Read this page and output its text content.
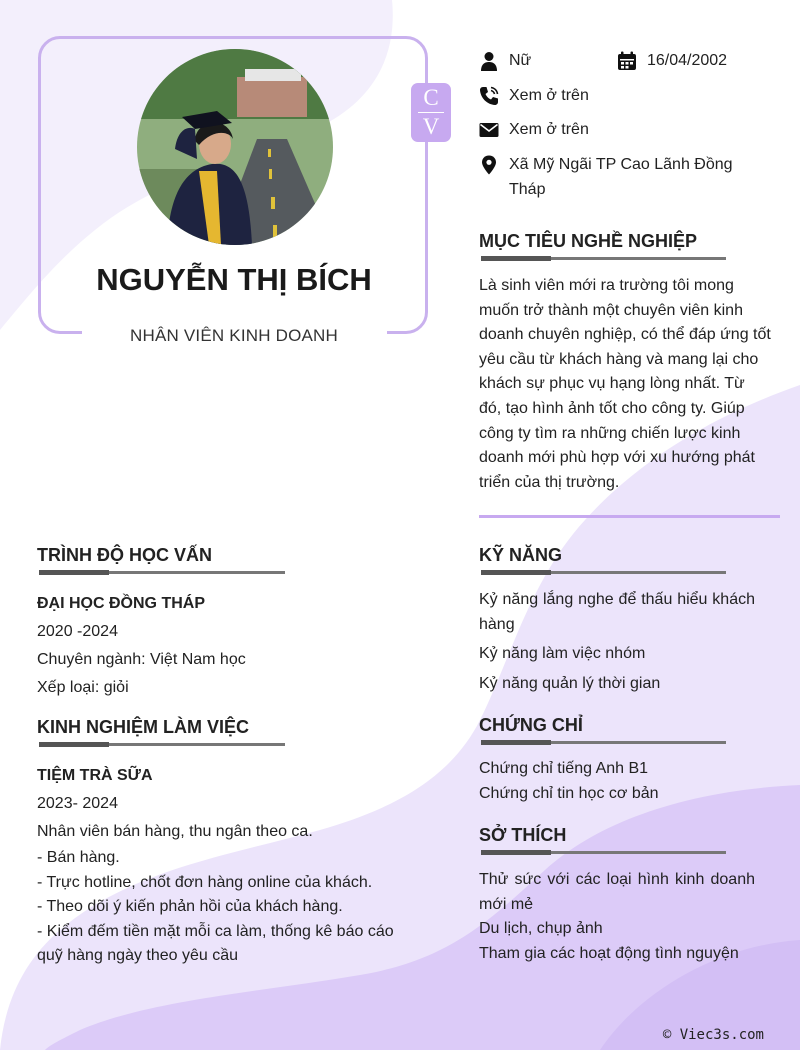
NGUYỄN THỊ BÍCH
NHÂN VIÊN KINH DOANH
C
V
Nữ	16/04/2002
Xem ở trên
Xem ở trên
Xã Mỹ Ngãi TP Cao Lãnh Đồng Tháp
MỤC TIÊU NGHỀ NGHIỆP
Là sinh viên mới ra trường tôi mong muốn trở thành một chuyên viên kinh doanh chuyên nghiệp, có thể đáp ứng tốt yêu cầu từ khách hàng và mang lại cho khách sự phục vụ hạng lòng nhất. Từ đó, tạo hình ảnh tốt cho công ty. Giúp công ty tìm ra những chiến lược kinh doanh mới phù hợp với xu hướng phát triển của thị trường.
TRÌNH ĐỘ HỌC VẤN
ĐẠI HỌC ĐỒNG THÁP
2020 -2024
Chuyên ngành: Việt Nam học
Xếp loại: giỏi
KINH NGHIỆM LÀM VIỆC
TIỆM TRÀ SỮA
2023- 2024
Nhân viên bán hàng, thu ngân theo ca.
- Bán hàng.
- Trực hotline, chốt đơn hàng online của khách.
- Theo dõi ý kiến phản hồi của khách hàng.
- Kiểm đếm tiền mặt mỗi ca làm, thống kê báo cáo quỹ hàng ngày theo yêu cầu
KỸ NĂNG
Kỷ năng lắng nghe để thấu hiểu khách hàng
Kỷ năng làm việc nhóm
Kỷ năng quản lý thời gian
CHỨNG CHỈ
Chứng chỉ tiếng Anh B1
Chứng chỉ tin học cơ bản
SỞ THÍCH
Thử sức với các loại hình kinh doanh mới mẻ
Du lịch, chụp ảnh
Tham gia các hoạt động tình nguyện
© Viec3s.com
